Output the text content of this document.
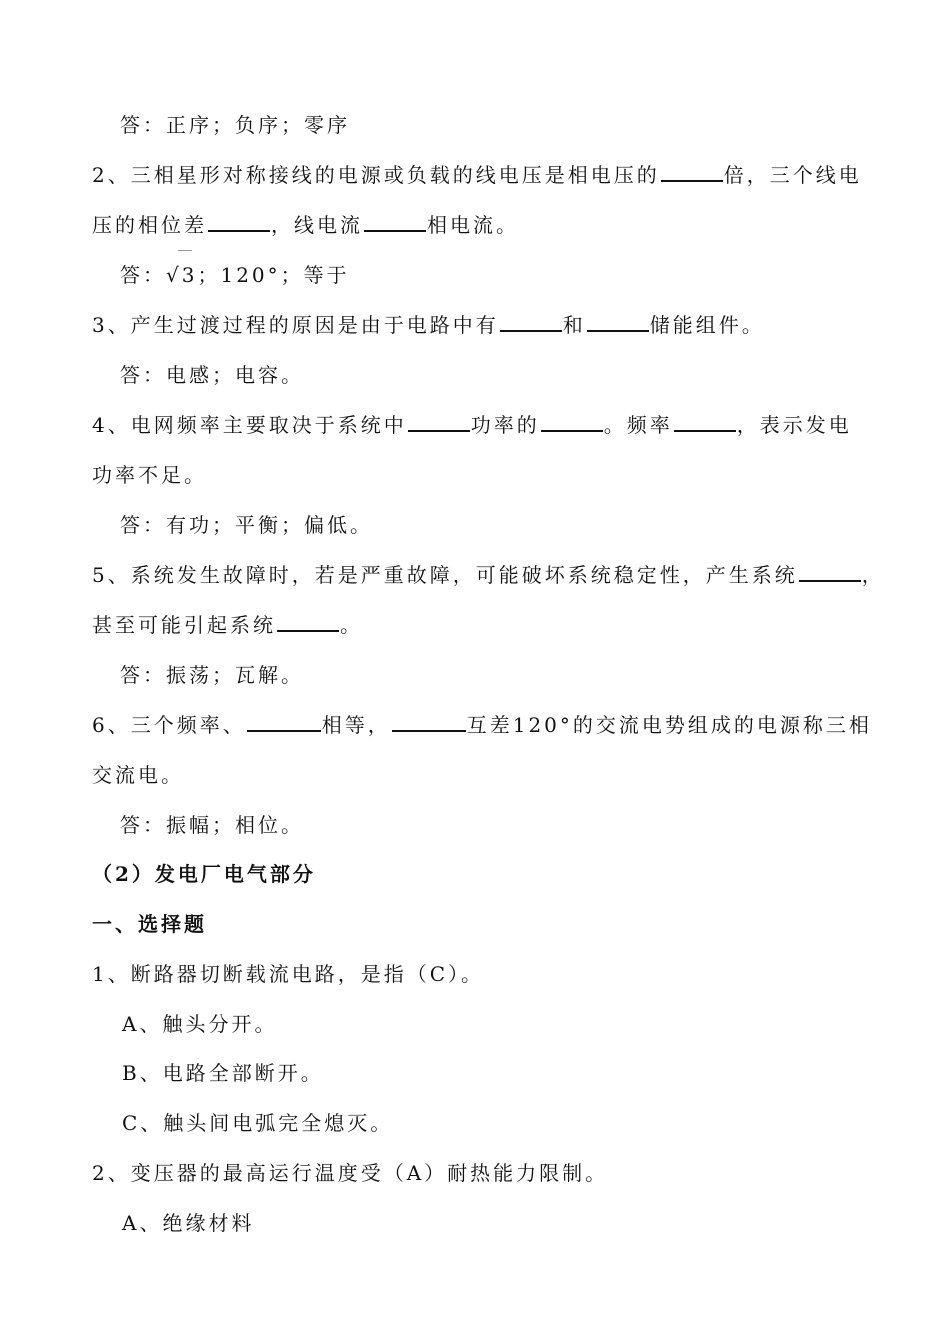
答：正序；负序；零序
2、三相星形对称接线的电源或负载的线电压是相电压的	倍，三个线电
压的相位差	，线电流	相电流。
答：√3；120°；等于
3、产生过渡过程的原因是由于电路中有	和	储能组件。
答：电感；电容。
4、电网频率主要取决于系统中	功率的	。频率	，表示发电
功率不足。
答：有功；平衡；偏低。
5、系统发生故障时，若是严重故障，可能破坏系统稳定性，产生系统	，
甚至可能引起系统	。
答：振荡；瓦解。
6、三个频率、	相等，	互差120°的交流电势组成的电源称三相
交流电。
答：振幅；相位。
（2）发电厂电气部分
一、选择题
1、断路器切断载流电路，是指（C）。
A、触头分开。
B、电路全部断开。
C、触头间电弧完全熄灭。
2、变压器的最高运行温度受（A）耐热能力限制。
A、绝缘材料
